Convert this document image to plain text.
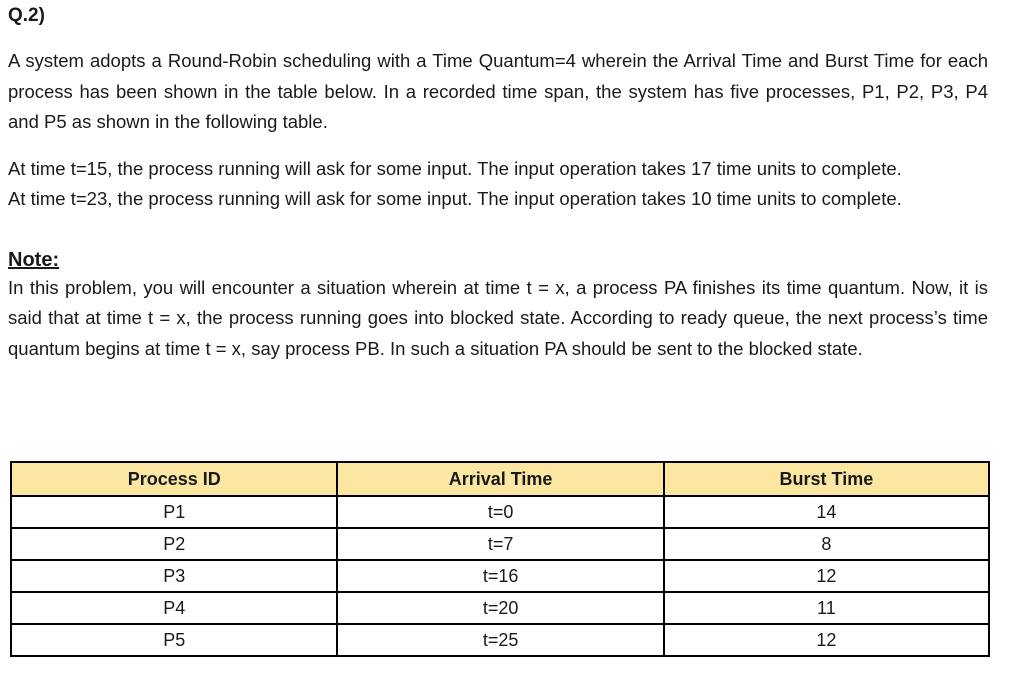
Q.2)

A system adopts a Round-Robin scheduling with a Time Quantum=4 wherein the Arrival Time and Burst Time for each process has been shown in the table below. In a recorded time span, the system has five processes, P1, P2, P3, P4 and P5 as shown in the following table.

At time t=15, the process running will ask for some input. The input operation takes 17 time units to complete.

At time t=23, the process running will ask for some input. The input operation takes 10 time units to complete.

Note:

In this problem, you will encounter a situation wherein at time t = x, a process PA finishes its time quantum. Now, it is said that at time t = x, the process running goes into blocked state. According to ready queue, the next process’s time quantum begins at time t = x, say process PB. In such a situation PA should be sent to the blocked state.

Process ID	Arrival Time	Burst Time
P1	t=0	14
P2	t=7	8
P3	t=16	12
P4	t=20	11
P5	t=25	12
